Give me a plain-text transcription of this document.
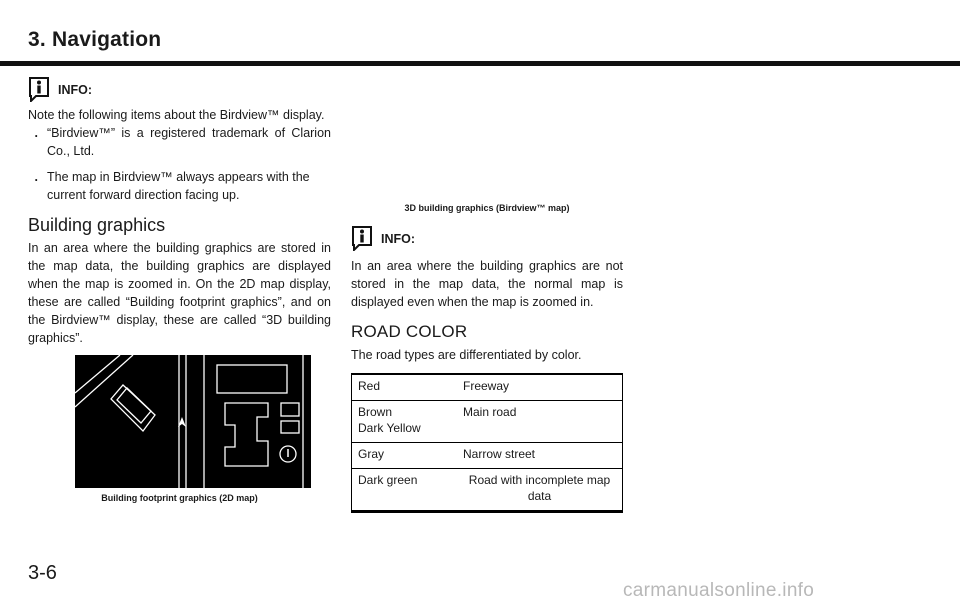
3. Navigation
INFO:

Note the following items about the Birdview™ display.

. “Birdview™” is a registered trademark of Clarion Co., Ltd.
. The map in Birdview™ always appears with the current forward direction facing up.
Building graphics

In an area where the building graphics are stored in the map data, the building graphics are displayed when the map is zoomed in. On the 2D map display, these are called “Building footprint graphics”, and on the Birdview™ display, these are called “3D building graphics”.

Building footprint graphics (2D map)
3D building graphics (Birdview™ map)
INFO:

In an area where the building graphics are not stored in the map data, the normal map is displayed even when the map is zoomed in.

ROAD COLOR

The road types are differentiated by color.

Red	Freeway
Brown
Dark Yellow	Main road
Gray	Narrow street
Dark green	Road with incomplete map data
3-6
carmanualsonline.info
